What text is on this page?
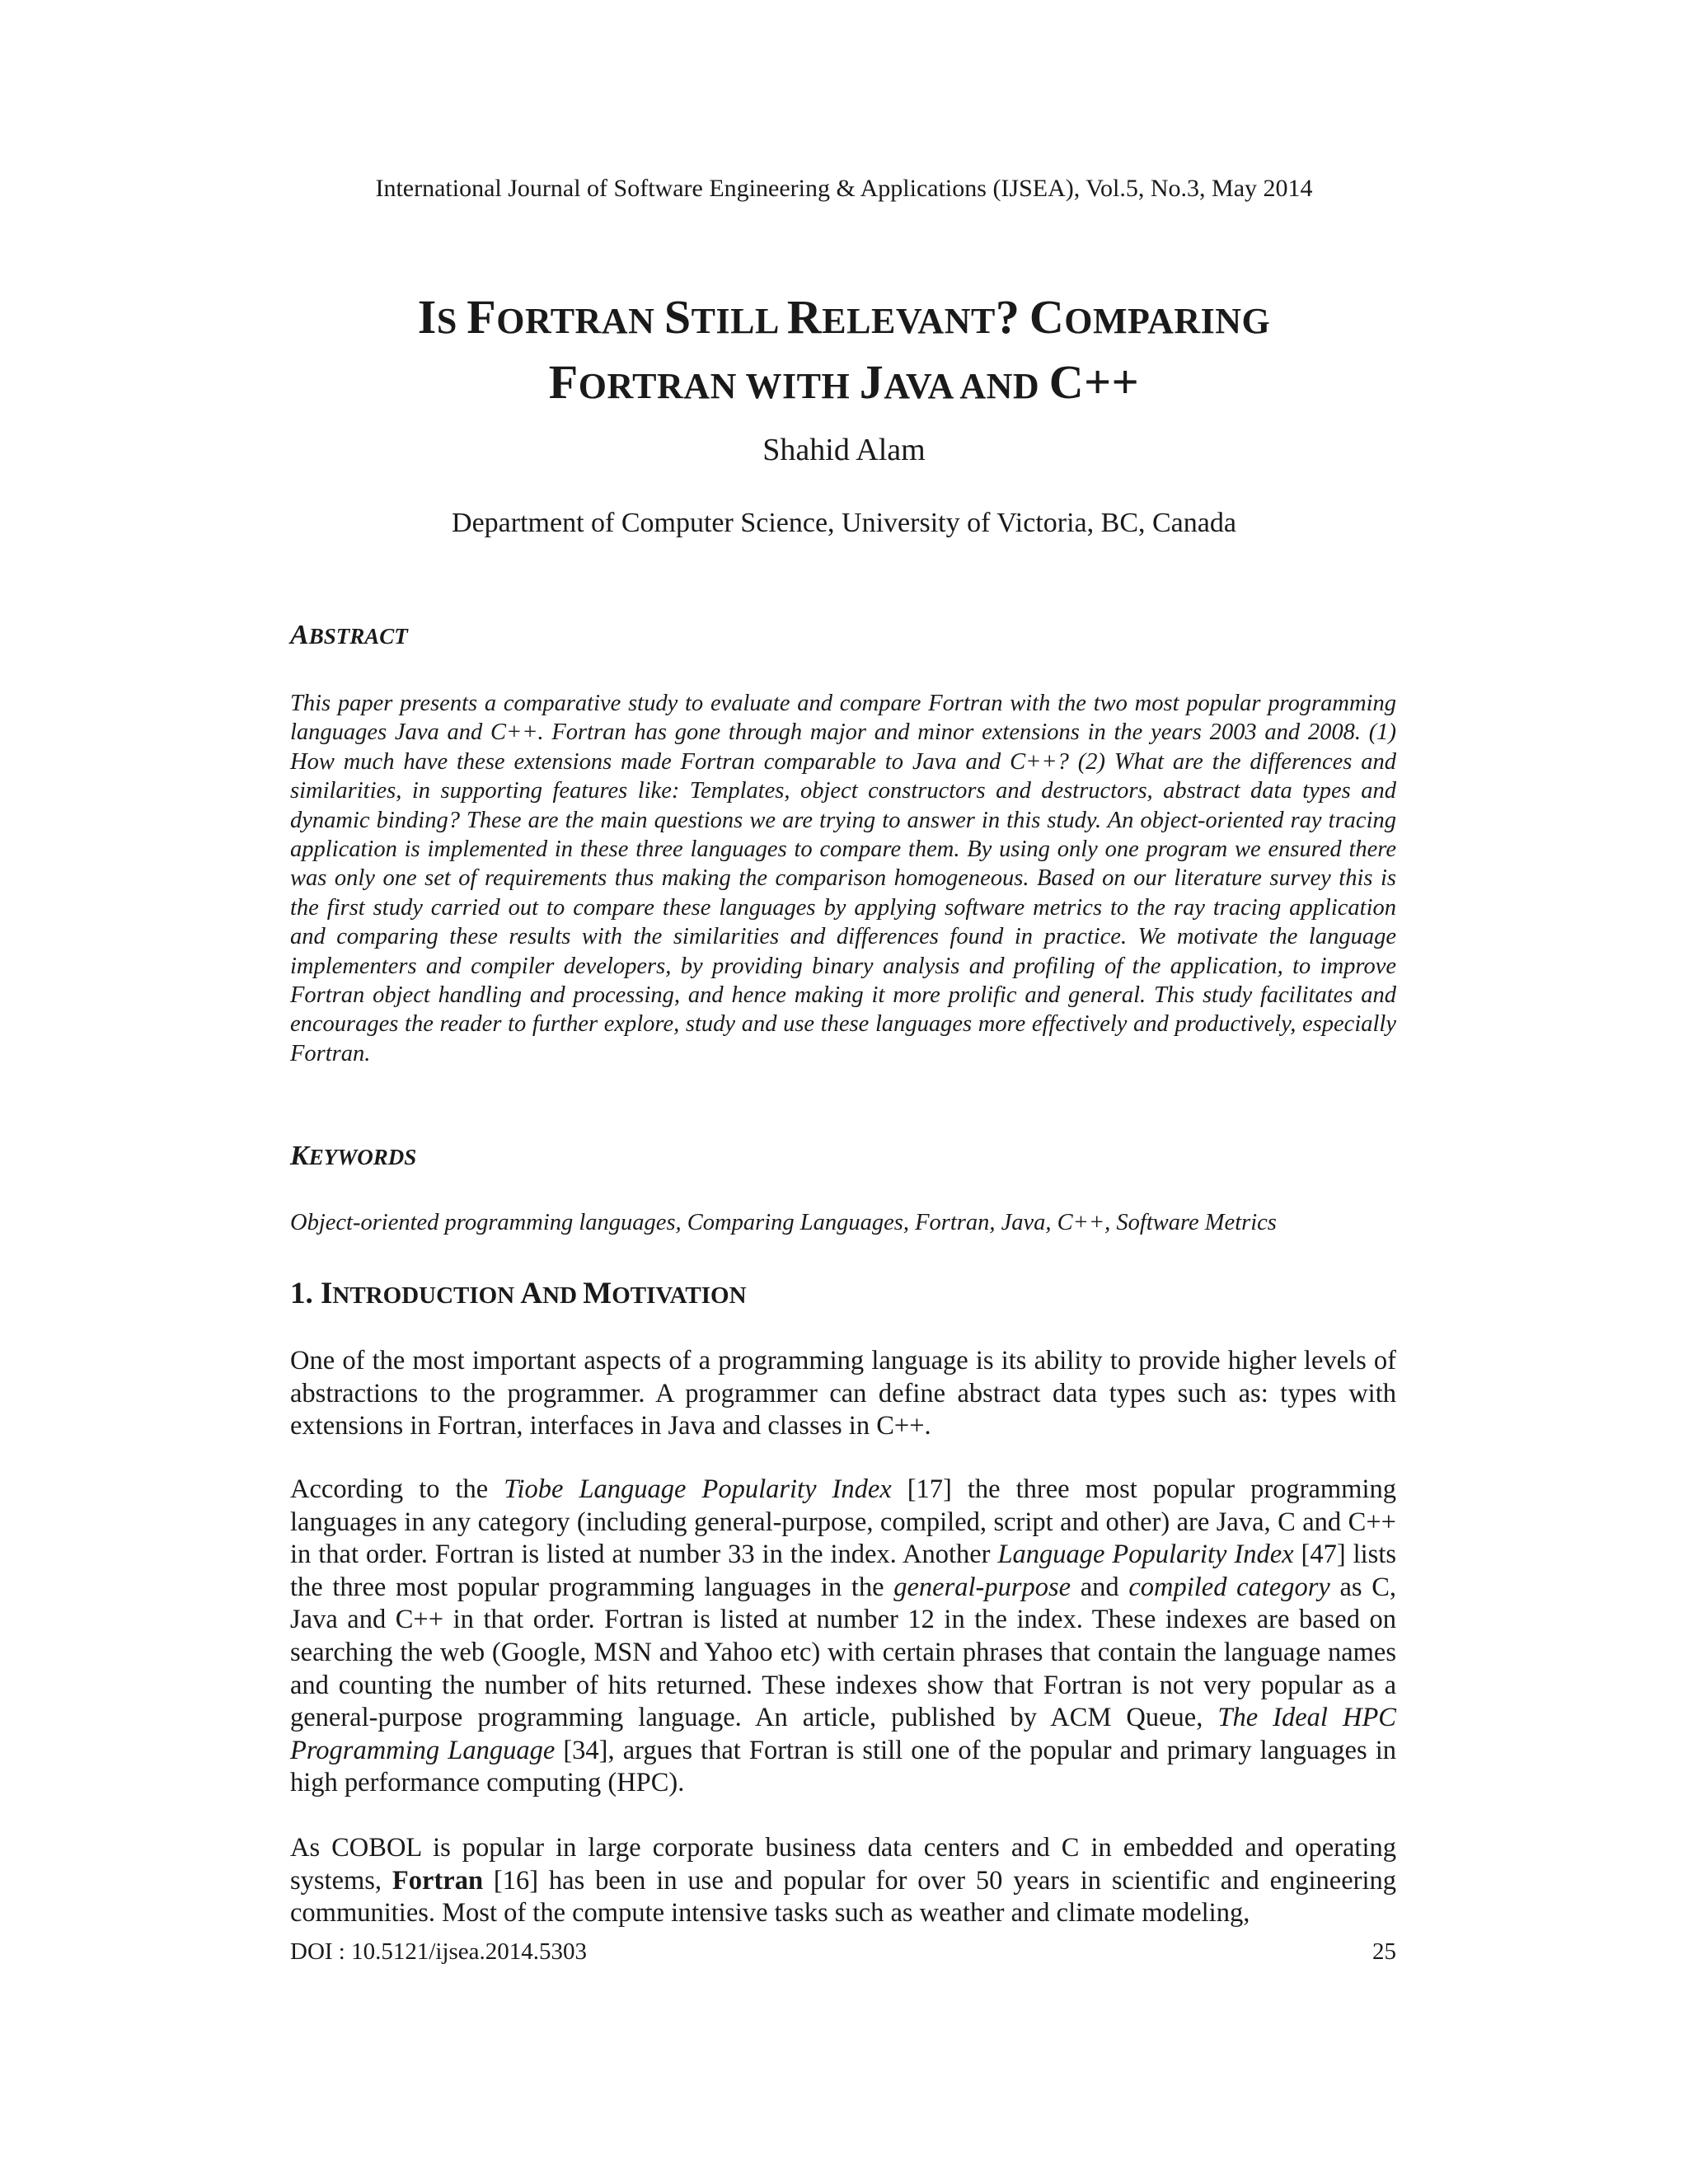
International Journal of Software Engineering & Applications (IJSEA), Vol.5, No.3, May 2014
IS FORTRAN STILL RELEVANT? COMPARING
FORTRAN WITH JAVA AND C++
Shahid Alam
Department of Computer Science, University of Victoria, BC, Canada
ABSTRACT
This paper presents a comparative study to evaluate and compare Fortran with the two most popular programming languages Java and C++. Fortran has gone through major and minor extensions in the years 2003 and 2008. (1) How much have these extensions made Fortran comparable to Java and C++? (2) What are the differences and similarities, in supporting features like: Templates, object constructors and destructors, abstract data types and dynamic binding? These are the main questions we are trying to answer in this study. An object-oriented ray tracing application is implemented in these three languages to compare them. By using only one program we ensured there was only one set of requirements thus making the comparison homogeneous. Based on our literature survey this is the first study carried out to compare these languages by applying software metrics to the ray tracing application and comparing these results with the similarities and differences found in practice. We motivate the language implementers and compiler developers, by providing binary analysis and profiling of the application, to improve Fortran object handling and processing, and hence making it more prolific and general. This study facilitates and encourages the reader to further explore, study and use these languages more effectively and productively, especially Fortran.
KEYWORDS
Object-oriented programming languages, Comparing Languages, Fortran, Java, C++, Software Metrics
1. INTRODUCTION AND MOTIVATION
One of the most important aspects of a programming language is its ability to provide higher levels of abstractions to the programmer. A programmer can define abstract data types such as: types with extensions in Fortran, interfaces in Java and classes in C++.
According to the Tiobe Language Popularity Index [17] the three most popular programming languages in any category (including general-purpose, compiled, script and other) are Java, C and C++ in that order. Fortran is listed at number 33 in the index. Another Language Popularity Index [47] lists the three most popular programming languages in the general-purpose and compiled category as C, Java and C++ in that order. Fortran is listed at number 12 in the index. These indexes are based on searching the web (Google, MSN and Yahoo etc) with certain phrases that contain the language names and counting the number of hits returned. These indexes show that Fortran is not very popular as a general-purpose programming language. An article, published by ACM Queue, The Ideal HPC Programming Language [34], argues that Fortran is still one of the popular and primary languages in high performance computing (HPC).
As COBOL is popular in large corporate business data centers and C in embedded and operating systems, Fortran [16] has been in use and popular for over 50 years in scientific and engineering communities. Most of the compute intensive tasks such as weather and climate modeling,
DOI : 10.5121/ijsea.2014.5303	25
